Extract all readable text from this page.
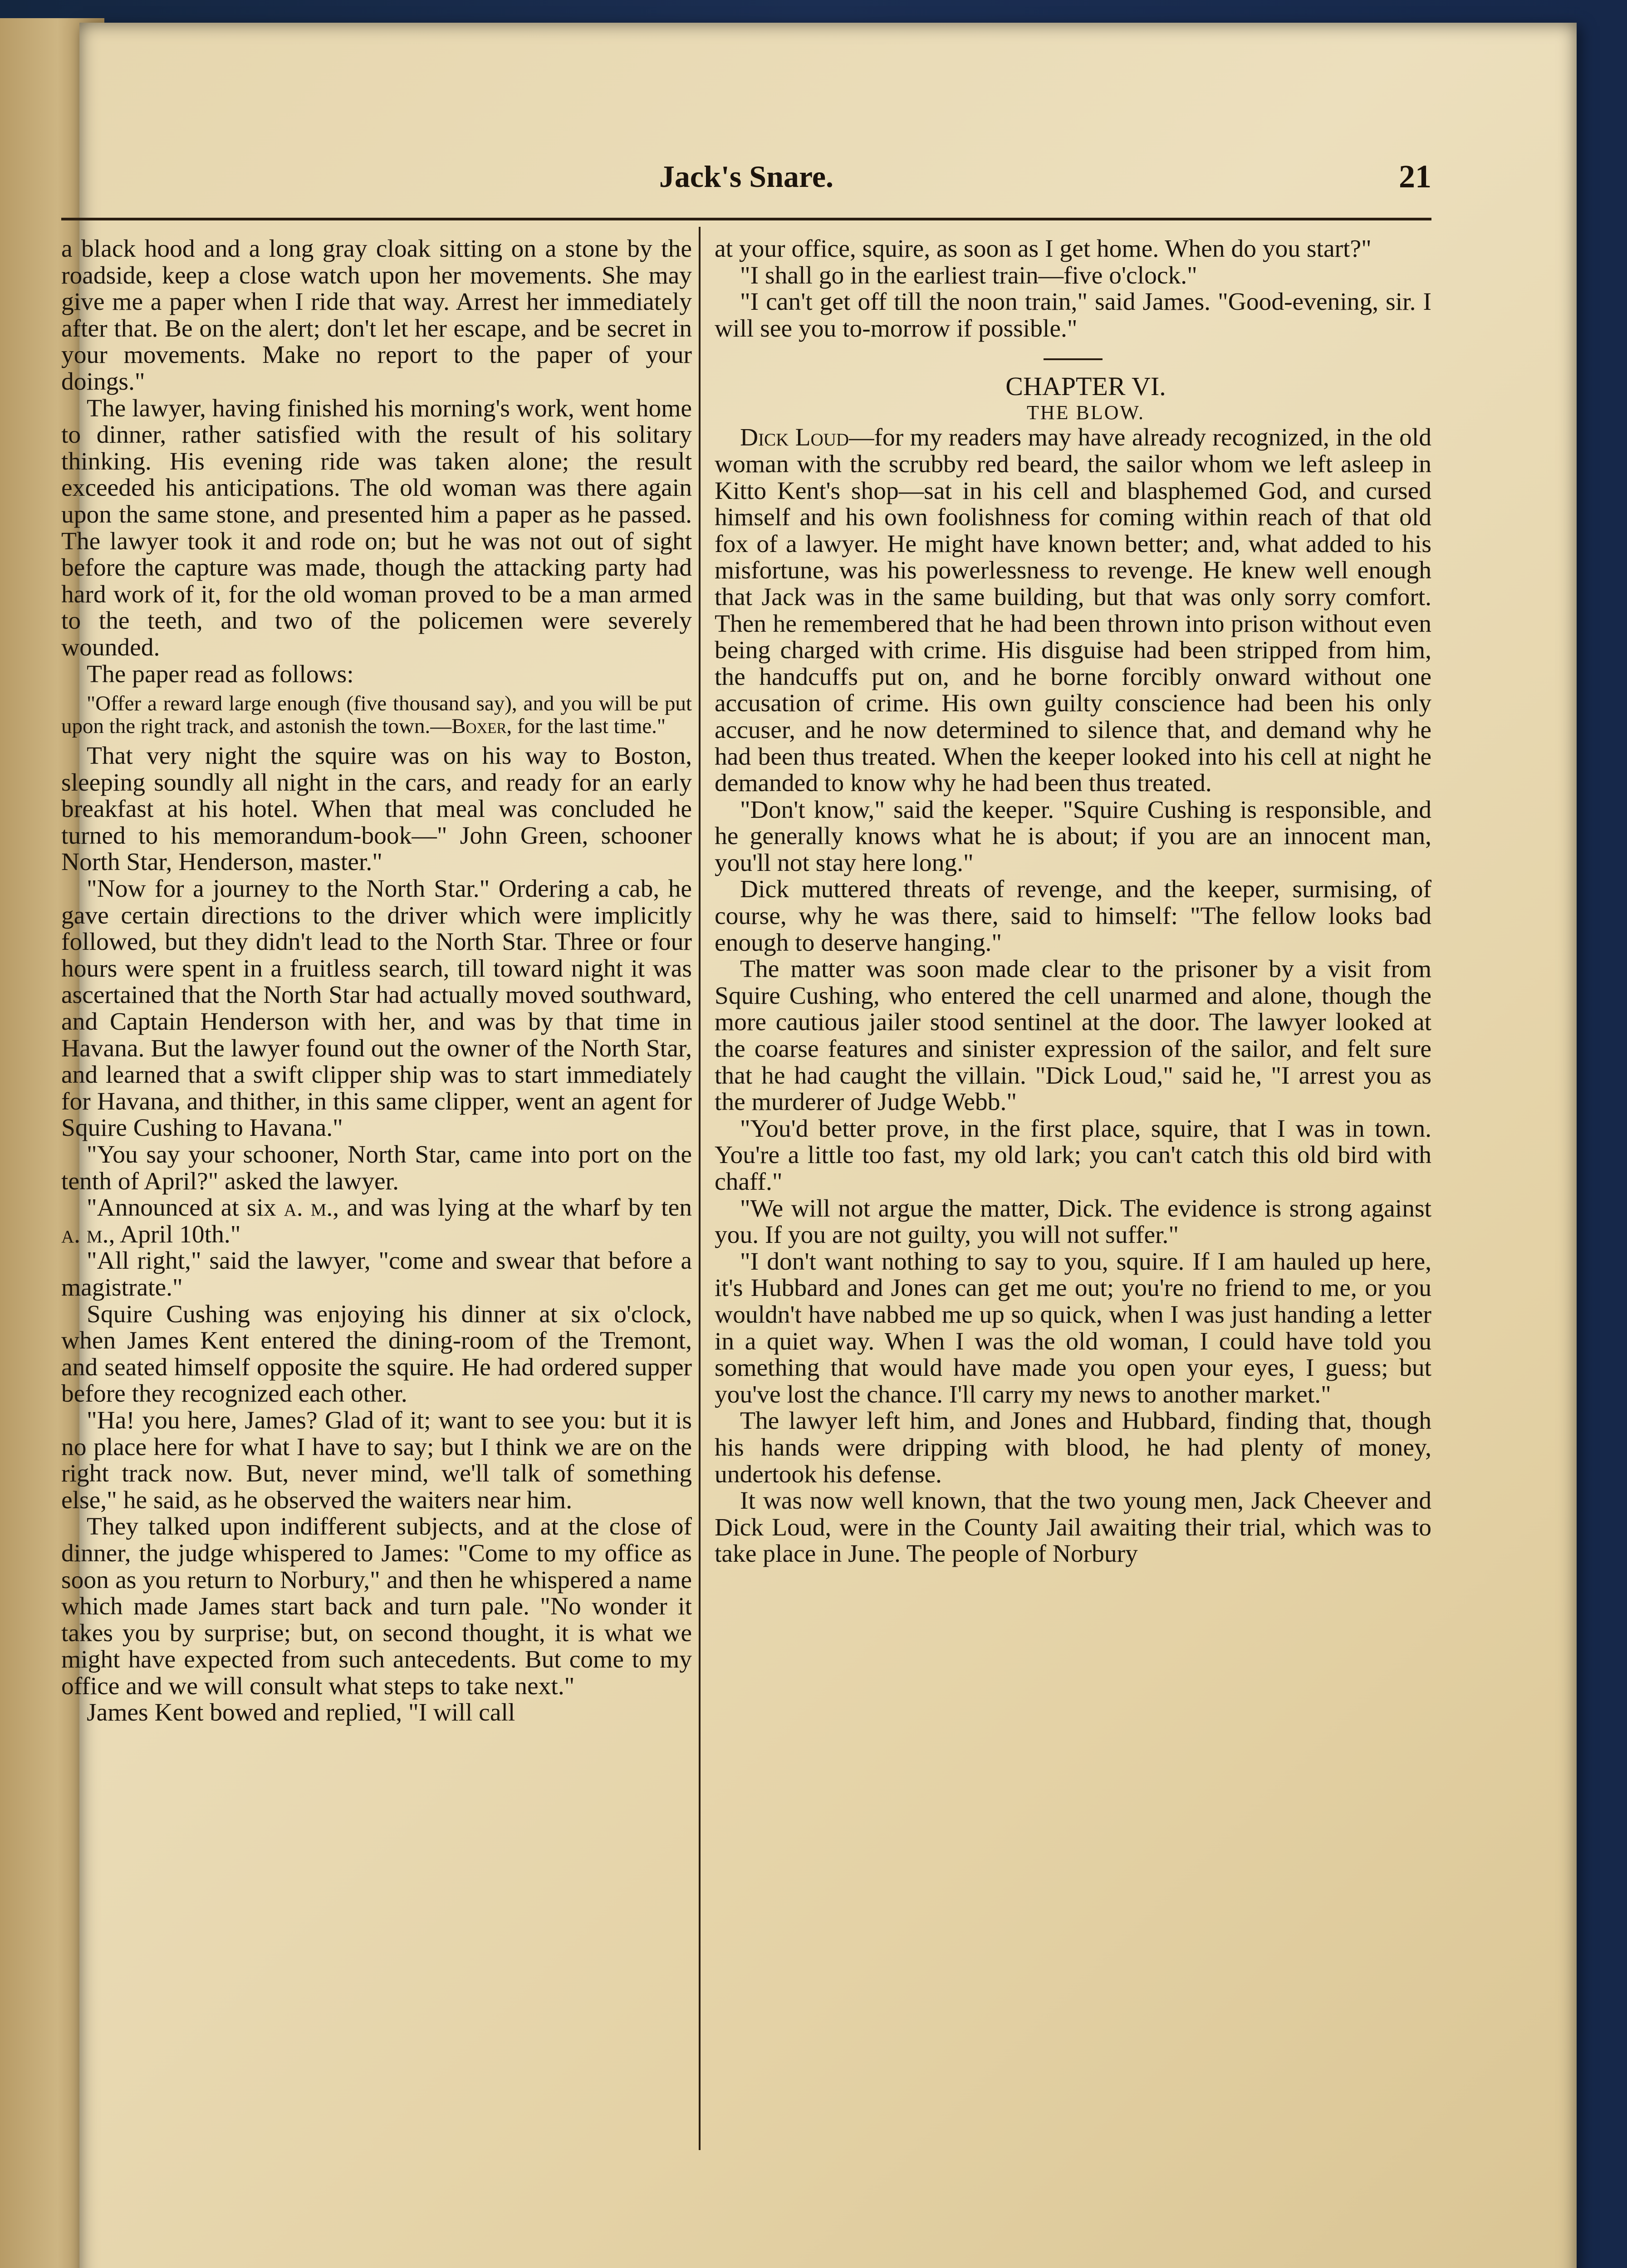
Jack's Snare.	21

a black hood and a long gray cloak sitting on a stone by the roadside, keep a close watch upon her movements. She may give me a paper when I ride that way. Arrest her immediately after that. Be on the alert; don't let her escape, and be secret in your movements. Make no report to the paper of your doings."

The lawyer, having finished his morning's work, went home to dinner, rather satisfied with the result of his solitary thinking. His evening ride was taken alone; the result exceeded his anticipations. The old woman was there again upon the same stone, and presented him a paper as he passed. The lawyer took it and rode on; but he was not out of sight before the capture was made, though the attacking party had hard work of it, for the old woman proved to be a man armed to the teeth, and two of the policemen were severely wounded.

The paper read as follows:

"Offer a reward large enough (five thousand say), and you will be put upon the right track, and astonish the town.—Boxer, for the last time."

That very night the squire was on his way to Boston, sleeping soundly all night in the cars, and ready for an early breakfast at his hotel. When that meal was concluded he turned to his memorandum-book—" John Green, schooner North Star, Henderson, master."

"Now for a journey to the North Star." Ordering a cab, he gave certain directions to the driver which were implicitly followed, but they didn't lead to the North Star. Three or four hours were spent in a fruitless search, till toward night it was ascertained that the North Star had actually moved southward, and Captain Henderson with her, and was by that time in Havana. But the lawyer found out the owner of the North Star, and learned that a swift clipper ship was to start immediately for Havana, and thither, in this same clipper, went an agent for Squire Cushing to Havana."

"You say your schooner, North Star, came into port on the tenth of April?" asked the lawyer.

"Announced at six a. m., and was lying at the wharf by ten a. m., April 10th."

"All right," said the lawyer, "come and swear that before a magistrate."

Squire Cushing was enjoying his dinner at six o'clock, when James Kent entered the dining-room of the Tremont, and seated himself opposite the squire. He had ordered supper before they recognized each other.

"Ha! you here, James? Glad of it; want to see you: but it is no place here for what I have to say; but I think we are on the right track now. But, never mind, we'll talk of something else," he said, as he observed the waiters near him.

They talked upon indifferent subjects, and at the close of dinner, the judge whispered to James: "Come to my office as soon as you return to Norbury," and then he whispered a name which made James start back and turn pale. "No wonder it takes you by surprise; but, on second thought, it is what we might have expected from such antecedents. But come to my office and we will consult what steps to take next."

James Kent bowed and replied, "I will call

at your office, squire, as soon as I get home. When do you start?"

"I shall go in the earliest train—five o'clock."

"I can't get off till the noon train," said James. "Good-evening, sir. I will see you to-morrow if possible."

CHAPTER VI.

THE BLOW.

Dick Loud—for my readers may have already recognized, in the old woman with the scrubby red beard, the sailor whom we left asleep in Kitto Kent's shop—sat in his cell and blasphemed God, and cursed himself and his own foolishness for coming within reach of that old fox of a lawyer. He might have known better; and, what added to his misfortune, was his powerlessness to revenge. He knew well enough that Jack was in the same building, but that was only sorry comfort. Then he remembered that he had been thrown into prison without even being charged with crime. His disguise had been stripped from him, the handcuffs put on, and he borne forcibly onward without one accusation of crime. His own guilty conscience had been his only accuser, and he now determined to silence that, and demand why he had been thus treated. When the keeper looked into his cell at night he demanded to know why he had been thus treated.

"Don't know," said the keeper. "Squire Cushing is responsible, and he generally knows what he is about; if you are an innocent man, you'll not stay here long."

Dick muttered threats of revenge, and the keeper, surmising, of course, why he was there, said to himself: "The fellow looks bad enough to deserve hanging."

The matter was soon made clear to the prisoner by a visit from Squire Cushing, who entered the cell unarmed and alone, though the more cautious jailer stood sentinel at the door. The lawyer looked at the coarse features and sinister expression of the sailor, and felt sure that he had caught the villain. "Dick Loud," said he, "I arrest you as the murderer of Judge Webb."

"You'd better prove, in the first place, squire, that I was in town. You're a little too fast, my old lark; you can't catch this old bird with chaff."

"We will not argue the matter, Dick. The evidence is strong against you. If you are not guilty, you will not suffer."

"I don't want nothing to say to you, squire. If I am hauled up here, it's Hubbard and Jones can get me out; you're no friend to me, or you wouldn't have nabbed me up so quick, when I was just handing a letter in a quiet way. When I was the old woman, I could have told you something that would have made you open your eyes, I guess; but you've lost the chance. I'll carry my news to another market."

The lawyer left him, and Jones and Hubbard, finding that, though his hands were dripping with blood, he had plenty of money, undertook his defense.

It was now well known, that the two young men, Jack Cheever and Dick Loud, were in the County Jail awaiting their trial, which was to take place in June. The people of Norbury
